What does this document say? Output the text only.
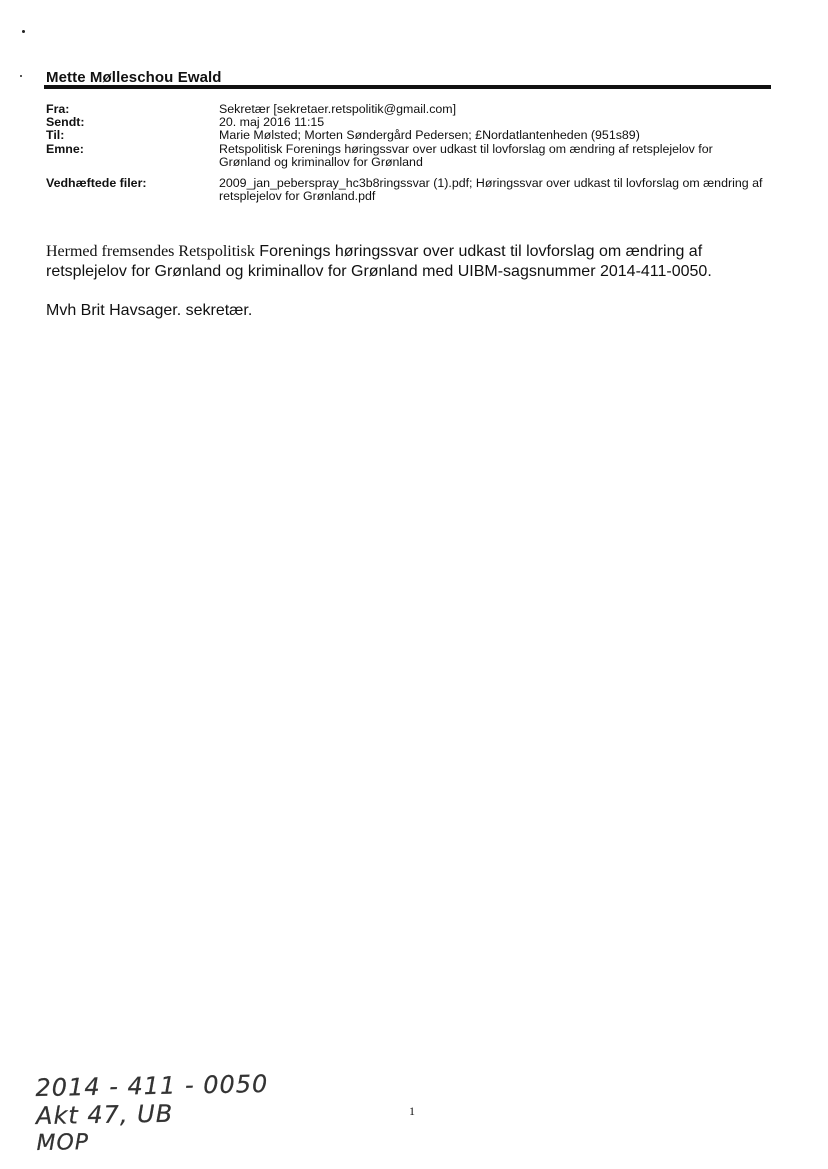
Mette Mølleschou Ewald
Fra:	Sekretær [sekretaer.retspolitik@gmail.com]
Sendt:	20. maj 2016 11:15
Til:	Marie Mølsted; Morten Søndergård Pedersen; £Nordatlantenheden (951s89)
Emne:	Retspolitisk Forenings høringssvar over udkast til lovforslag om ændring af retsplejelov for Grønland og kriminallov for Grønland
Vedhæftede filer:	2009_jan_peberspray_hc3b8ringssvar (1).pdf; Høringssvar over udkast til lovforslag om ændring af retsplejelov for Grønland.pdf

Hermed fremsendes Retspolitisk Forenings høringssvar over udkast til lovforslag om ændring af retsplejelov for Grønland og kriminallov for Grønland med UIBM-sagsnummer 2014-411-0050.

Mvh Brit Havsager. sekretær.

2014 - 411 - 0050
Akt 47, UB
MOP
1
